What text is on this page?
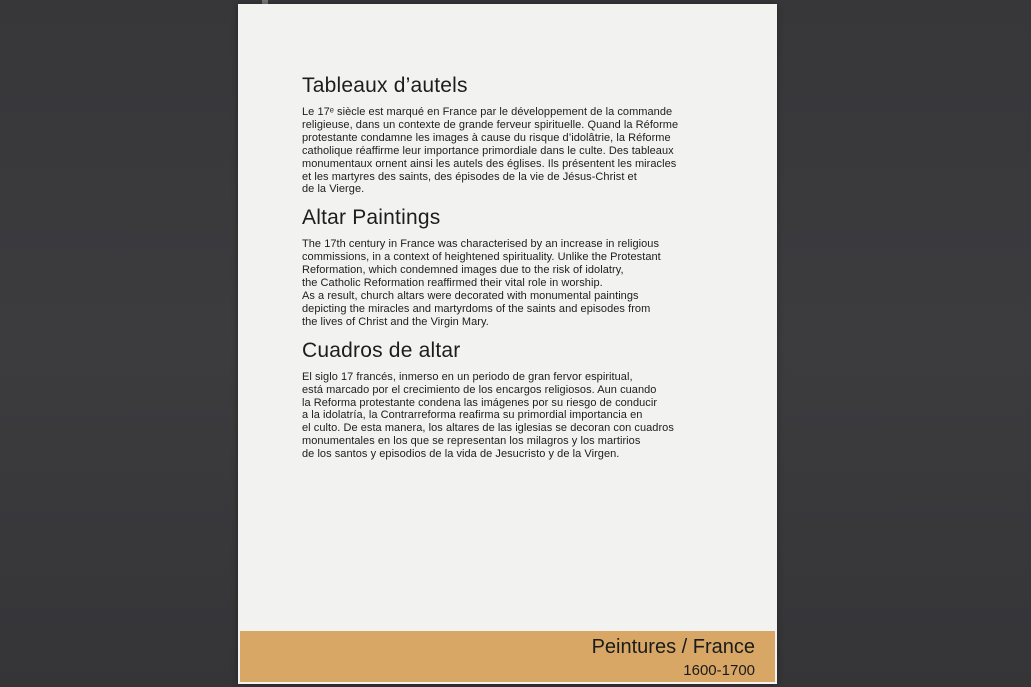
Tableaux d’autels
Le 17ᵉ siècle est marqué en France par le développement de la commande
religieuse, dans un contexte de grande ferveur spirituelle. Quand la Réforme
protestante condamne les images à cause du risque d’idolâtrie, la Réforme
catholique réaffirme leur importance primordiale dans le culte. Des tableaux
monumentaux ornent ainsi les autels des églises. Ils présentent les miracles
et les martyres des saints, des épisodes de la vie de Jésus-Christ et
de la Vierge.
Altar Paintings
The 17th century in France was characterised by an increase in religious
commissions, in a context of heightened spirituality. Unlike the Protestant
Reformation, which condemned images due to the risk of idolatry,
the Catholic Reformation reaffirmed their vital role in worship.
As a result, church altars were decorated with monumental paintings
depicting the miracles and martyrdoms of the saints and episodes from
the lives of Christ and the Virgin Mary.
Cuadros de altar
El siglo 17 francés, inmerso en un periodo de gran fervor espiritual,
está marcado por el crecimiento de los encargos religiosos. Aun cuando
la Reforma protestante condena las imágenes por su riesgo de conducir
a la idolatría, la Contrarreforma reafirma su primordial importancia en
el culto. De esta manera, los altares de las iglesias se decoran con cuadros
monumentales en los que se representan los milagros y los martirios
de los santos y episodios de la vida de Jesucristo y de la Virgen.
Peintures / France
1600-1700
